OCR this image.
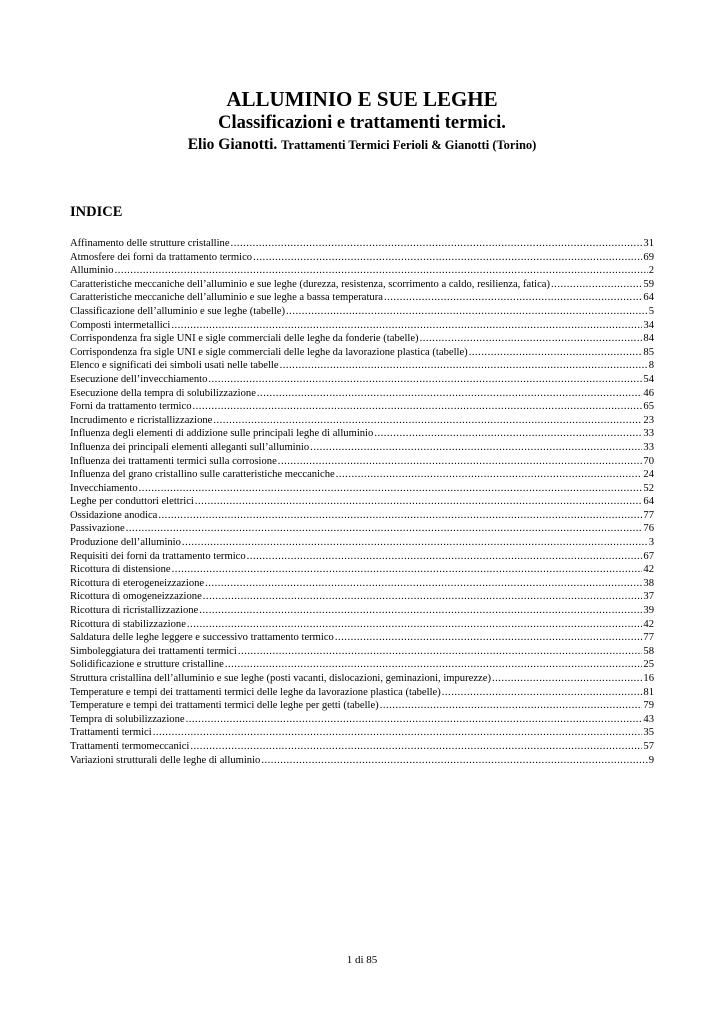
ALLUMINIO E SUE LEGHE

Classificazioni e trattamenti termici.

Elio Gianotti. Trattamenti Termici Ferioli & Gianotti (Torino)

INDICE

Affinamento delle strutture cristalline .....	31
Atmosfere dei forni da trattamento termico .....	69
Alluminio .....	2
Caratteristiche meccaniche dell’alluminio e sue leghe (durezza, resistenza, scorrimento a caldo, resilienza, fatica) .....	59
Caratteristiche meccaniche dell’alluminio e sue leghe a bassa temperatura .....	64
Classificazione dell’alluminio e sue leghe (tabelle) .....	5
Composti intermetallici .....	34
Corrispondenza fra sigle UNI e sigle commerciali delle leghe da fonderie (tabelle) .....	84
Corrispondenza fra sigle UNI e sigle commerciali delle leghe da lavorazione plastica (tabelle) .....	85
Elenco e significati dei simboli usati nelle tabelle .....	8
Esecuzione dell’invecchiamento .....	54
Esecuzione della tempra di solubilizzazione .....	46
Forni da trattamento termico .....	65
Incrudimento e ricristallizzazione .....	23
Influenza degli elementi di addizione sulle principali leghe di alluminio .....	33
Influenza dei principali elementi alleganti sull’alluminio .....	33
Influenza dei trattamenti termici sulla corrosione .....	70
Influenza del grano cristallino sulle caratteristiche meccaniche .....	24
Invecchiamento .....	52
Leghe per conduttori elettrici .....	64
Ossidazione anodica .....	77
Passivazione .....	76
Produzione dell’alluminio .....	3
Requisiti dei forni da trattamento termico .....	67
Ricottura di distensione .....	42
Ricottura di eterogeneizzazione .....	38
Ricottura di omogeneizzazione .....	37
Ricottura di ricristallizzazione .....	39
Ricottura di stabilizzazione .....	42
Saldatura delle leghe leggere e successivo trattamento termico .....	77
Simboleggiatura dei trattamenti termici .....	58
Solidificazione e strutture cristalline .....	25
Struttura cristallina dell’alluminio e sue leghe (posti vacanti, dislocazioni, geminazioni, impurezze) .....	16
Temperature e tempi dei trattamenti termici delle leghe da lavorazione plastica (tabelle) .....	81
Temperature e tempi dei trattamenti termici delle leghe per getti (tabelle) .....	79
Tempra di solubilizzazione .....	43
Trattamenti termici .....	35
Trattamenti termomeccanici .....	57
Variazioni strutturali delle leghe di alluminio .....	9
1 di 85
